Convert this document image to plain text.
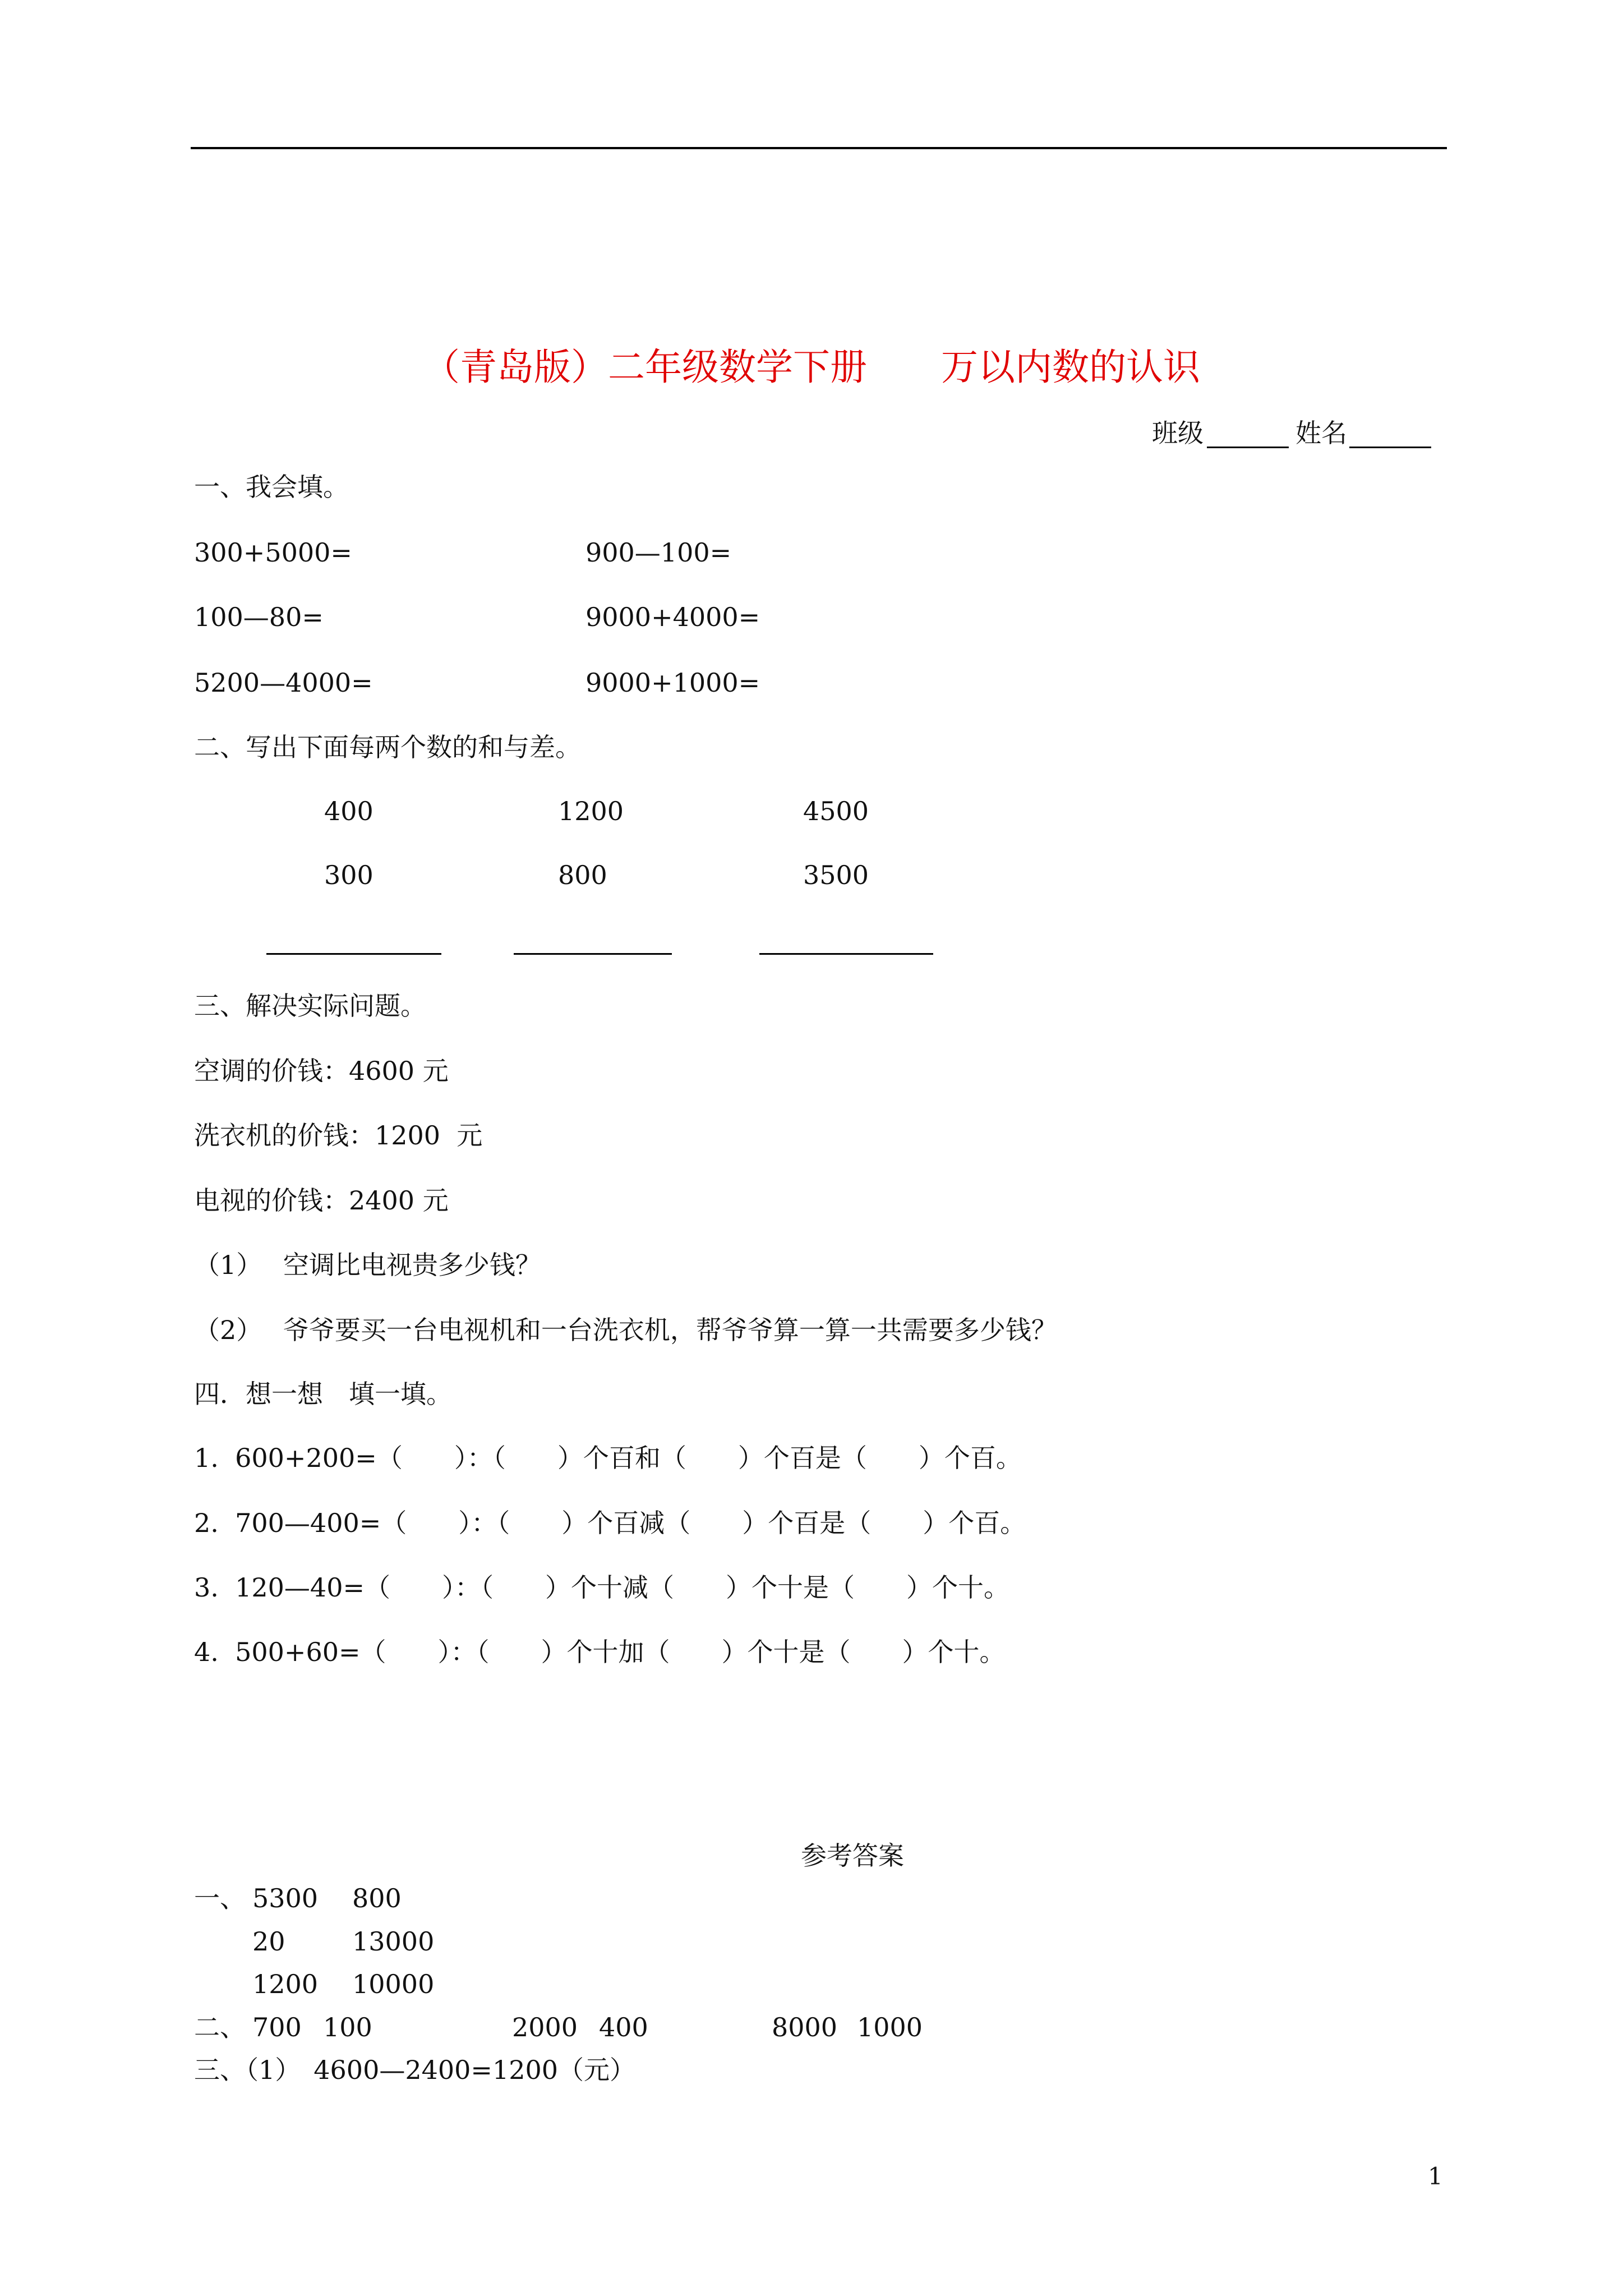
（青岛版）二年级数学下册　　万以内数的认识
班级	姓名
一、我会填。
300+5000=	900—100=
100—80=	9000+4000=
5200—4000=	9000+1000=
二、写出下面每两个数的和与差。
400	1200	4500
300	800	3500
三、解决实际问题。
空调的价钱：4600 元
洗衣机的价钱：1200  元
电视的价钱：2400 元
（1）　 空调比电视贵多少钱？
（2）　 爷爷要买一台电视机和一台洗衣机，帮爷爷算一算一共需要多少钱？
四．想一想　填一填。
1.  600+200=（　　）：（　　）个百和（　　）个百是（　　）个百。
2.  700—400=（　　）：（　　）个百减（　　）个百是（　　）个百。
3.  120—40=（　　）：（　　）个十减（　　）个十是（　　）个十。
4.  500+60=（　　）：（　　）个十加（　　）个十是（　　）个十。
参考答案
一、 5300 800
20	13000
1200 10000
二、 700 100	2000 400	8000 1000
三、（1）　4600—2400=1200（元）
1
